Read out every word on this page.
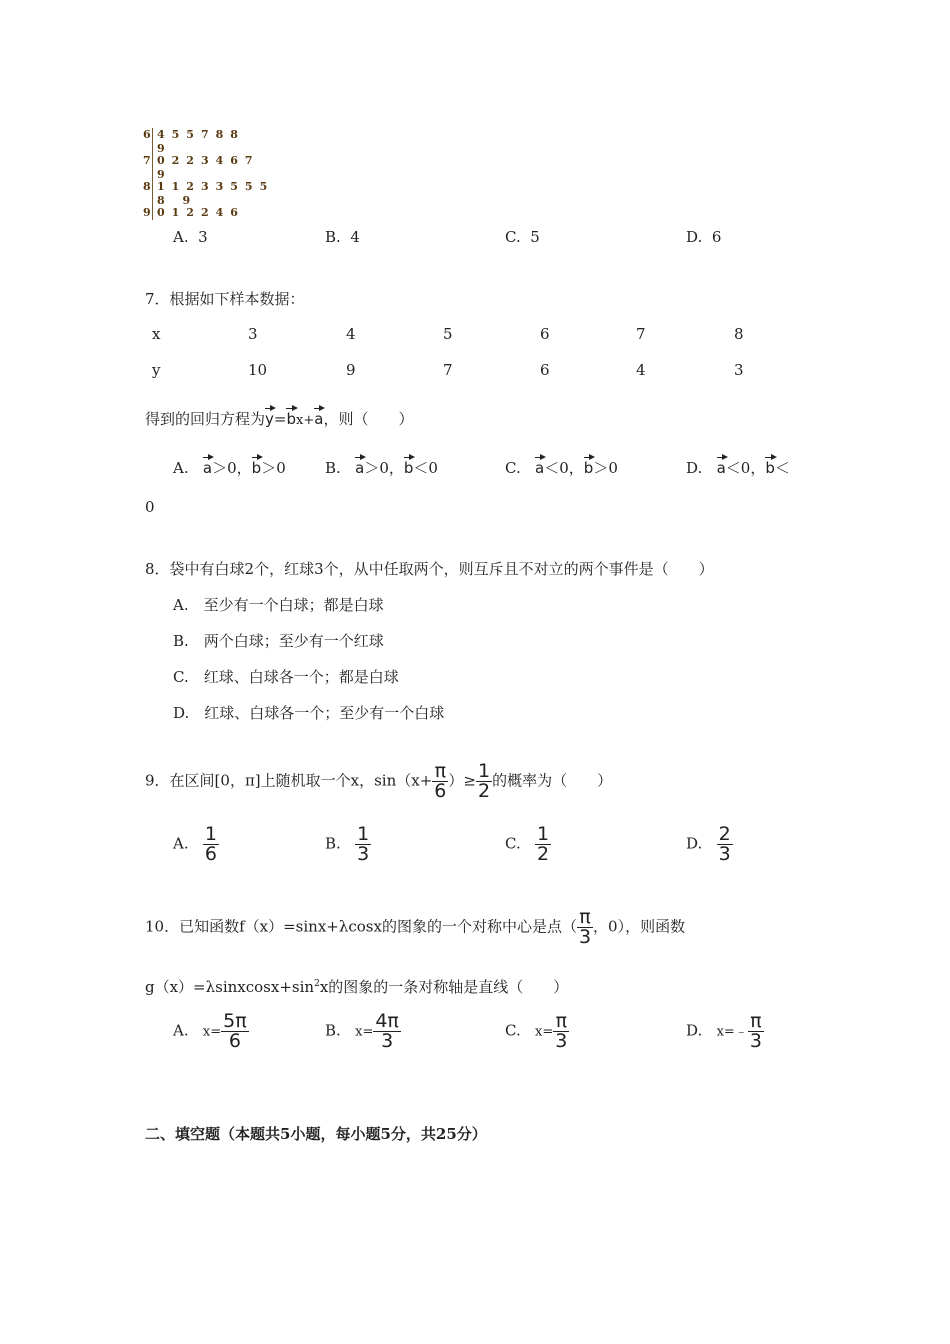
6 455788 9
7 0223467 9
8 11233555 8 9
9 012246
A. 3	B. 4	C. 5	D. 6
7．根据如下样本数据：
x	3	4	5	6	7	8
y	10	9	7	6	4	3
得到的回归方程为y=bx+a，则（　　）
A. a＞0，b＞0	B. a＞0，b＜0	C. a＜0，b＞0	D. a＜0，b＜
0
8．袋中有白球2个，红球3个，从中任取两个，则互斥且不对立的两个事件是（　　）
A.　至少有一个白球；都是白球
B.　两个白球；至少有一个红球
C.　红球、白球各一个；都是白球
D.　红球、白球各一个；至少有一个白球
9．在区间[0，π]上随机取一个x，$\sin(x+ \frac{\pi}{6}$ ）≥ $\frac{1}{2}$ 的概率为（　　）
A. $\frac{1}{6}$	B. $\frac{1}{3}$	C. $\frac{1}{2}$	D. $\frac{2}{3}$
10．已知函数f（x）=sinx+λcosx的图象的一个对称中心是点（ $\frac{\pi}{3}$ ，0），则函数
$g(x)=\lambda sinxcosx+\sin^2x$的图象的一条对称轴是直线（　　）
A. $x= \frac{5\pi}{6}$	B. $x= \frac{4\pi}{3}$	C. $x= \frac{\pi}{3}$	D. x=﹣ $\frac{\pi}{3}$
二、填空题（本题共5小题，每小题5分，共25分）
